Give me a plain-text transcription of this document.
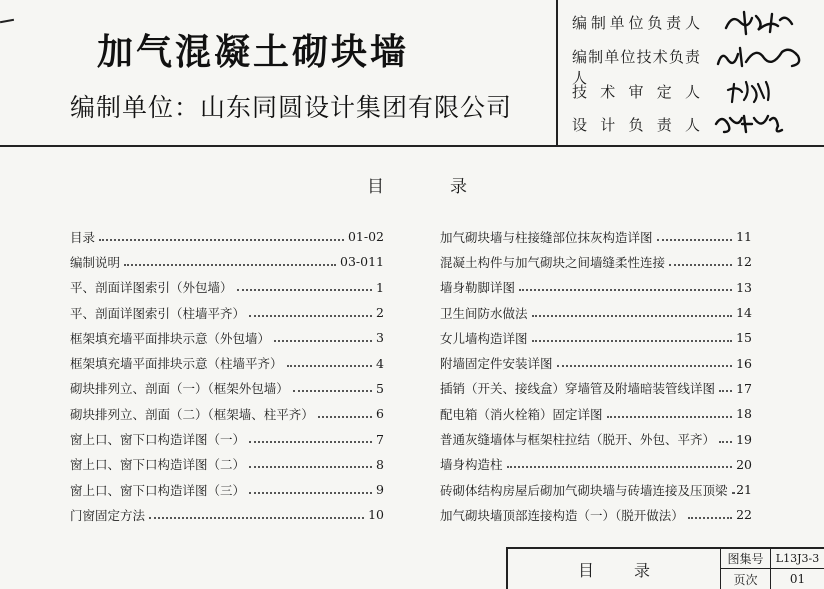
加气混凝土砌块墙
编制单位：山东同圆设计集团有限公司
编制单位负责人
编制单位技术负责人
技术审定人
设计负责人
目	录
目录	01-02
编制说明	03-011
平、剖面详图索引（外包墙）	1
平、剖面详图索引（柱墙平齐）	2
框架填充墙平面排块示意（外包墙）	3
框架填充墙平面排块示意（柱墙平齐）	4
砌块排列立、剖面（一）（框架外包墙）	5
砌块排列立、剖面（二）（框架墙、柱平齐）	6
窗上口、窗下口构造详图（一）	7
窗上口、窗下口构造详图（二）	8
窗上口、窗下口构造详图（三）	9
门窗固定方法	10
加气砌块墙与柱接缝部位抹灰构造详图	11
混凝土构件与加气砌块之间墙缝柔性连接	12
墙身勒脚详图	13
卫生间防水做法	14
女儿墙构造详图	15
附墙固定件安装详图	16
插销（开关、接线盒）穿墙管及附墙暗装管线详图 17
配电箱（消火栓箱）固定详图	18
普通灰缝墙体与框架柱拉结（脱开、外包、平齐） 19
墙身构造柱	20
砖砌体结构房屋后砌加气砌块墙与砖墙连接及压顶梁 21
加气砌块墙顶部连接构造（一）（脱开做法）	22
目	录
图集号	L13J3-3
页次	01
